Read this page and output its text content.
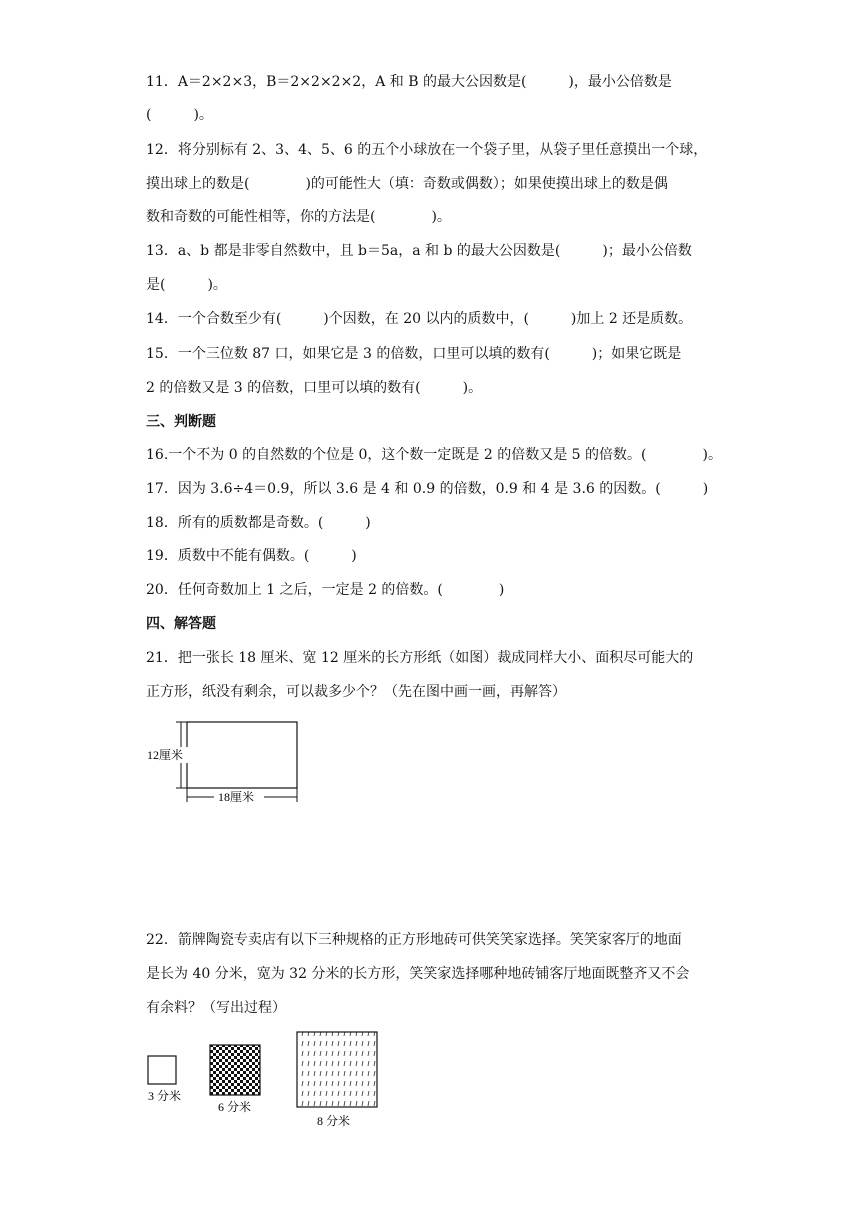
11．A＝2×2×3，B＝2×2×2×2，A 和 B 的最大公因数是(　　　)，最小公倍数是
(　　　)。
12．将分别标有 2、3、4、5、6 的五个小球放在一个袋子里，从袋子里任意摸出一个球，
摸出球上的数是(　　　　)的可能性大（填：奇数或偶数）；如果使摸出球上的数是偶
数和奇数的可能性相等，你的方法是(　　　　)。
13．a、b 都是非零自然数中，且 b＝5a，a 和 b 的最大公因数是(　　　)；最小公倍数
是(　　　)。
14．一个合数至少有(　　　)个因数，在 20 以内的质数中，(　　　)加上 2 还是质数。
15．一个三位数 87 口，如果它是 3 的倍数，口里可以填的数有(　　　)；如果它既是
2 的倍数又是 3 的倍数，口里可以填的数有(　　　)。
三、判断题
16.一个不为 0 的自然数的个位是 0，这个数一定既是 2 的倍数又是 5 的倍数。(　　　　)。
17．因为 3.6÷4＝0.9，所以 3.6 是 4 和 0.9 的倍数，0.9 和 4 是 3.6 的因数。(　　　)
18．所有的质数都是奇数。(　　　)
19．质数中不能有偶数。(　　　)
20．任何奇数加上 1 之后，一定是 2 的倍数。(　　　　)
四、解答题
21．把一张长 18 厘米、宽 12 厘米的长方形纸（如图）裁成同样大小、面积尽可能大的
正方形，纸没有剩余，可以裁多少个？（先在图中画一画，再解答）
22．箭牌陶瓷专卖店有以下三种规格的正方形地砖可供笑笑家选择。笑笑家客厅的地面
是长为 40 分米，宽为 32 分米的长方形，笑笑家选择哪种地砖铺客厅地面既整齐又不会
有余料？（写出过程）
12厘米
18厘米
3 分米
6 分米
8 分米
